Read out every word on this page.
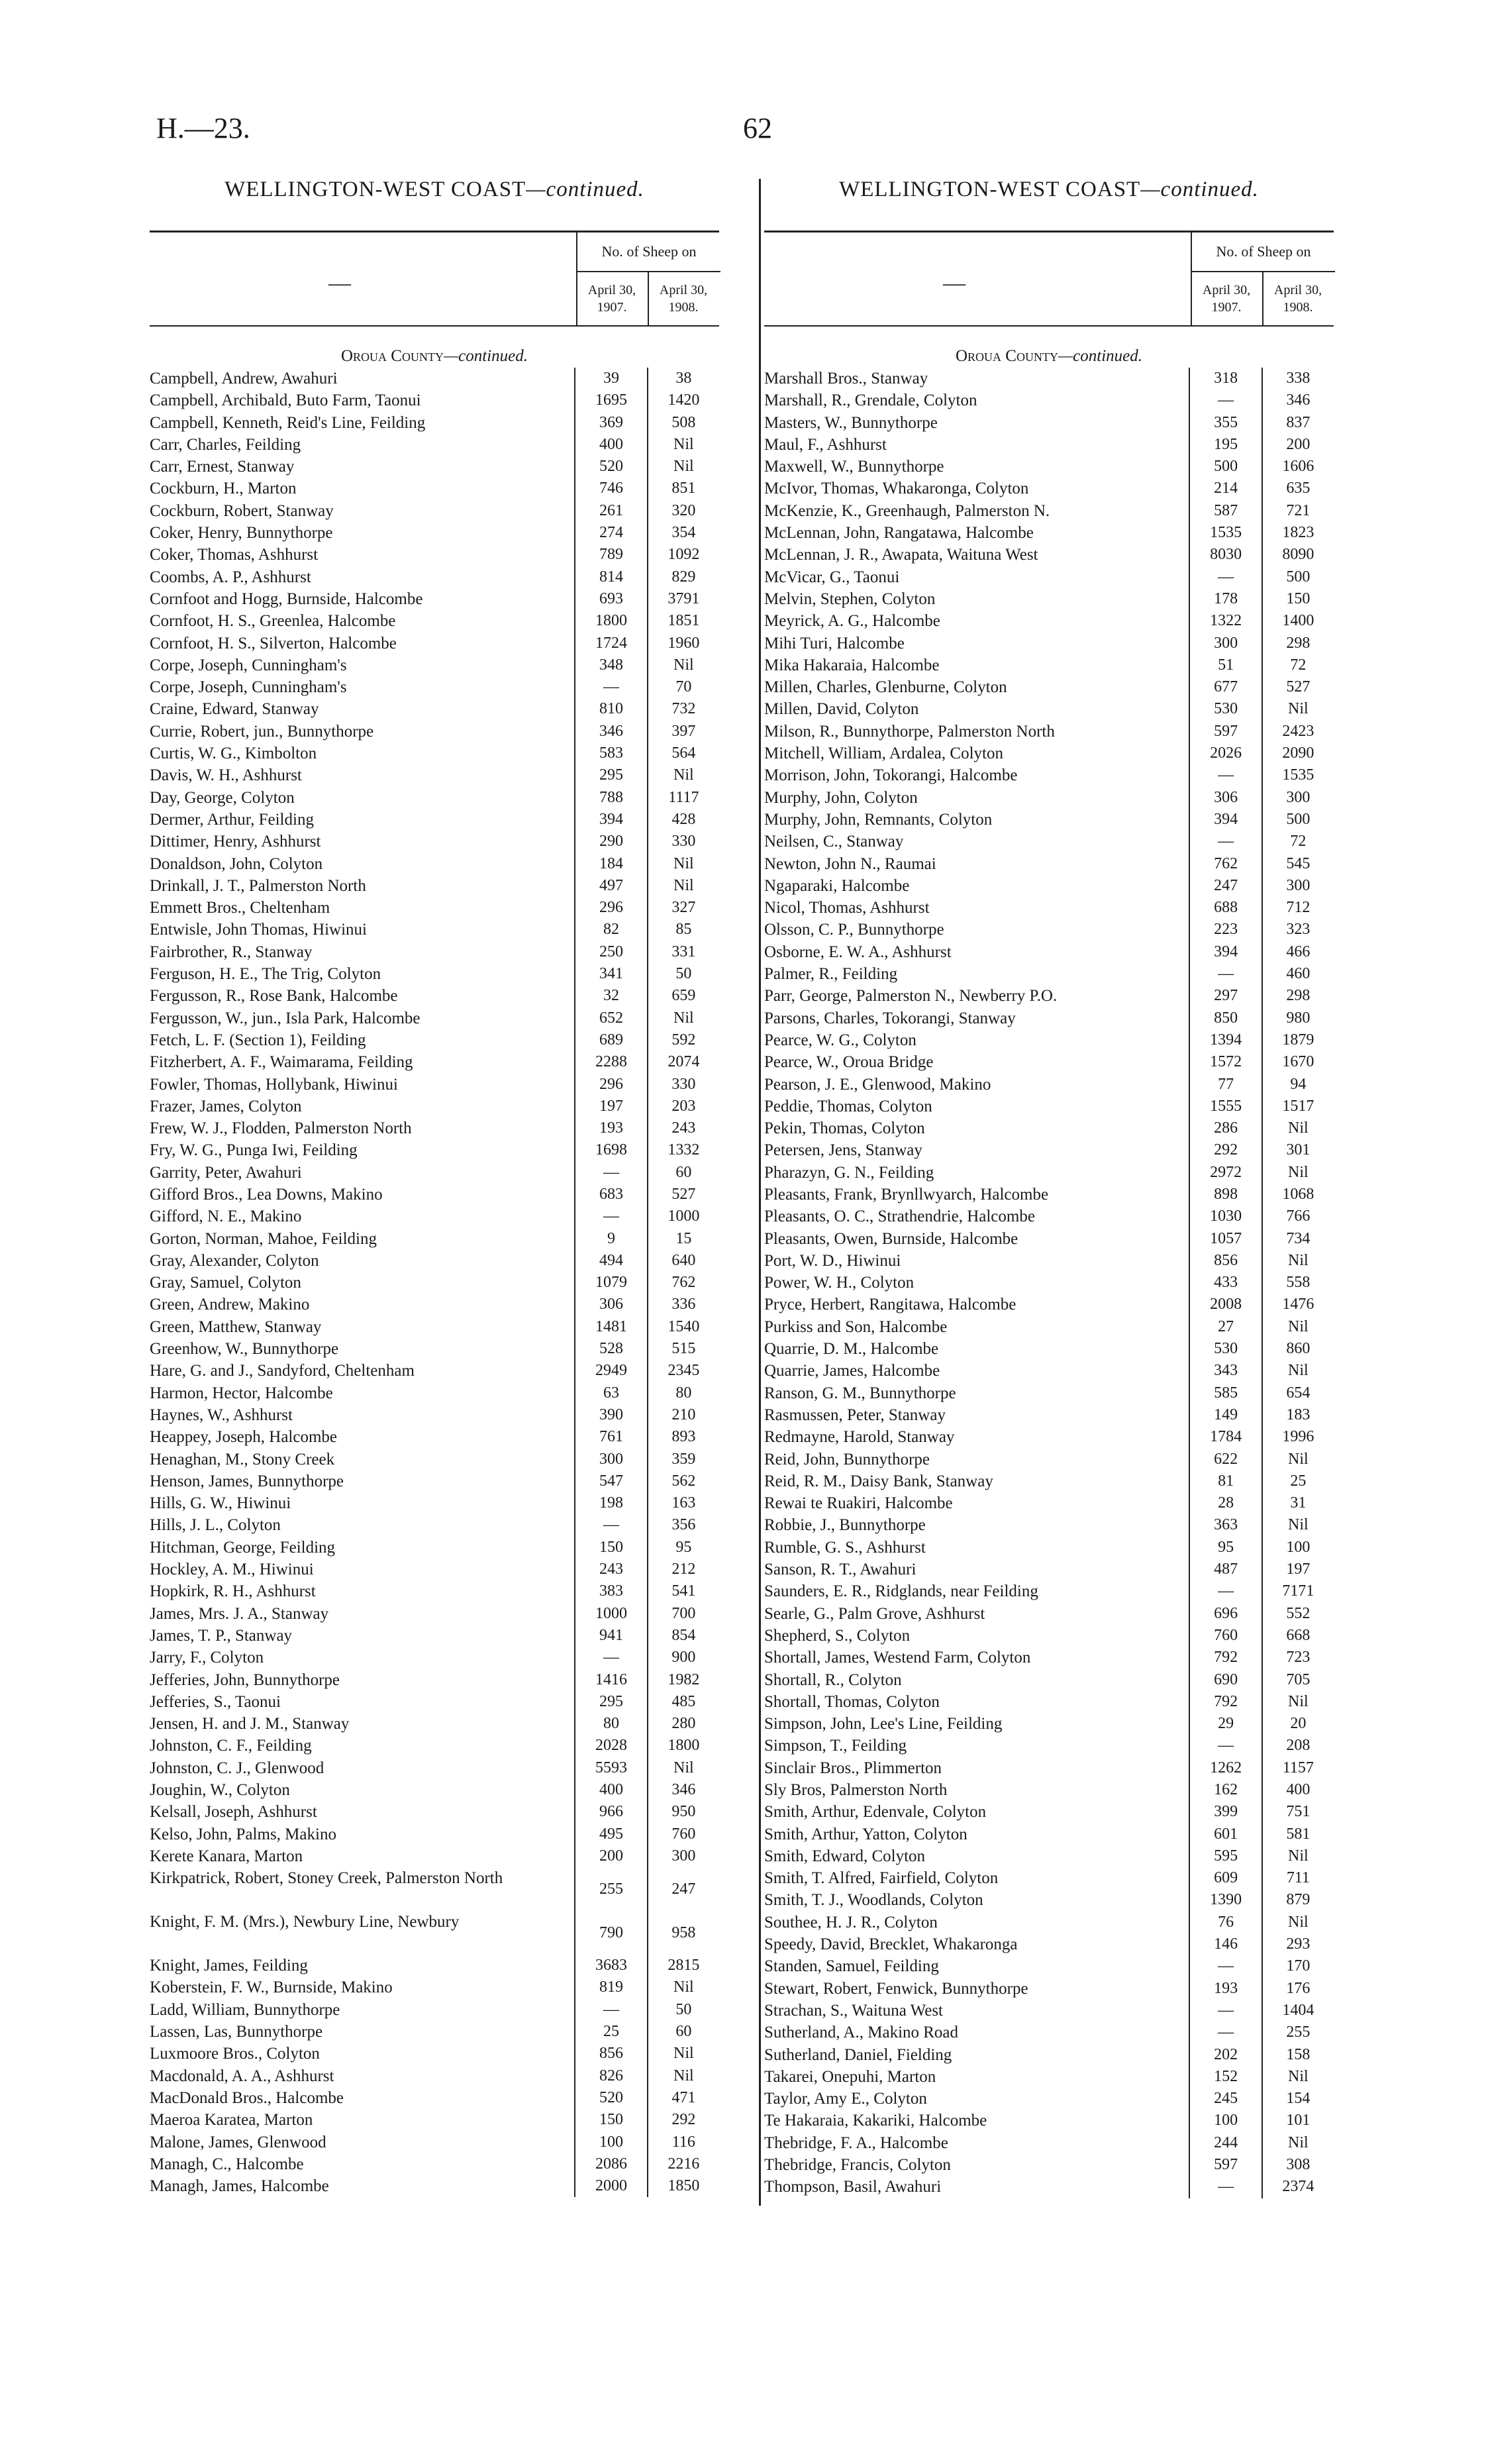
H.—23.	62
WELLINGTON-WEST COAST—continued.
—
No. of Sheep on
April 30, 1907.
April 30, 1908.
Oroua County—continued.
Campbell, Andrew, Awahuri	39	38
Campbell, Archibald, Buto Farm, Taonui	1695	1420
Campbell, Kenneth, Reid's Line, Feilding	369	508
Carr, Charles, Feilding	400	Nil
Carr, Ernest, Stanway	520	Nil
Cockburn, H., Marton	746	851
Cockburn, Robert, Stanway	261	320
Coker, Henry, Bunnythorpe	274	354
Coker, Thomas, Ashhurst	789	1092
Coombs, A. P., Ashhurst	814	829
Cornfoot and Hogg, Burnside, Halcombe	693	3791
Cornfoot, H. S., Greenlea, Halcombe	1800	1851
Cornfoot, H. S., Silverton, Halcombe	1724	1960
Corpe, Joseph, Cunningham's	348	Nil
Corpe, Joseph, Cunningham's	—	70
Craine, Edward, Stanway	810	732
Currie, Robert, jun., Bunnythorpe	346	397
Curtis, W. G., Kimbolton	583	564
Davis, W. H., Ashhurst	295	Nil
Day, George, Colyton	788	1117
Dermer, Arthur, Feilding	394	428
Dittimer, Henry, Ashhurst	290	330
Donaldson, John, Colyton	184	Nil
Drinkall, J. T., Palmerston North	497	Nil
Emmett Bros., Cheltenham	296	327
Entwisle, John Thomas, Hiwinui	82	85
Fairbrother, R., Stanway	250	331
Ferguson, H. E., The Trig, Colyton	341	50
Fergusson, R., Rose Bank, Halcombe	32	659
Fergusson, W., jun., Isla Park, Halcombe	652	Nil
Fetch, L. F. (Section 1), Feilding	689	592
Fitzherbert, A. F., Waimarama, Feilding	2288	2074
Fowler, Thomas, Hollybank, Hiwinui	296	330
Frazer, James, Colyton	197	203
Frew, W. J., Flodden, Palmerston North	193	243
Fry, W. G., Punga Iwi, Feilding	1698	1332
Garrity, Peter, Awahuri	—	60
Gifford Bros., Lea Downs, Makino	683	527
Gifford, N. E., Makino	—	1000
Gorton, Norman, Mahoe, Feilding	9	15
Gray, Alexander, Colyton	494	640
Gray, Samuel, Colyton	1079	762
Green, Andrew, Makino	306	336
Green, Matthew, Stanway	1481	1540
Greenhow, W., Bunnythorpe	528	515
Hare, G. and J., Sandyford, Cheltenham	2949	2345
Harmon, Hector, Halcombe	63	80
Haynes, W., Ashhurst	390	210
Heappey, Joseph, Halcombe	761	893
Henaghan, M., Stony Creek	300	359
Henson, James, Bunnythorpe	547	562
Hills, G. W., Hiwinui	198	163
Hills, J. L., Colyton	—	356
Hitchman, George, Feilding	150	95
Hockley, A. M., Hiwinui	243	212
Hopkirk, R. H., Ashhurst	383	541
James, Mrs. J. A., Stanway	1000	700
James, T. P., Stanway	941	854
Jarry, F., Colyton	—	900
Jefferies, John, Bunnythorpe	1416	1982
Jefferies, S., Taonui	295	485
Jensen, H. and J. M., Stanway	80	280
Johnston, C. F., Feilding	2028	1800
Johnston, C. J., Glenwood	5593	Nil
Joughin, W., Colyton	400	346
Kelsall, Joseph, Ashhurst	966	950
Kelso, John, Palms, Makino	495	760
Kerete Kanara, Marton	200	300
Kirkpatrick, Robert, Stoney Creek, Palmerston North	255	247
Knight, F. M. (Mrs.), Newbury Line, Newbury	790	958
Knight, James, Feilding	3683	2815
Koberstein, F. W., Burnside, Makino	819	Nil
Ladd, William, Bunnythorpe	—	50
Lassen, Las, Bunnythorpe	25	60
Luxmoore Bros., Colyton	856	Nil
Macdonald, A. A., Ashhurst	826	Nil
MacDonald Bros., Halcombe	520	471
Maeroa Karatea, Marton	150	292
Malone, James, Glenwood	100	116
Managh, C., Halcombe	2086	2216
Managh, James, Halcombe	2000	1850
WELLINGTON-WEST COAST—continued.
—
No. of Sheep on
April 30, 1907.
April 30, 1908.
Oroua County—continued.
Marshall Bros., Stanway	318	338
Marshall, R., Grendale, Colyton	—	346
Masters, W., Bunnythorpe	355	837
Maul, F., Ashhurst	195	200
Maxwell, W., Bunnythorpe	500	1606
McIvor, Thomas, Whakaronga, Colyton	214	635
McKenzie, K., Greenhaugh, Palmerston N.	587	721
McLennan, John, Rangatawa, Halcombe	1535	1823
McLennan, J. R., Awapata, Waituna West	8030	8090
McVicar, G., Taonui	—	500
Melvin, Stephen, Colyton	178	150
Meyrick, A. G., Halcombe	1322	1400
Mihi Turi, Halcombe	300	298
Mika Hakaraia, Halcombe	51	72
Millen, Charles, Glenburne, Colyton	677	527
Millen, David, Colyton	530	Nil
Milson, R., Bunnythorpe, Palmerston North	597	2423
Mitchell, William, Ardalea, Colyton	2026	2090
Morrison, John, Tokorangi, Halcombe	—	1535
Murphy, John, Colyton	306	300
Murphy, John, Remnants, Colyton	394	500
Neilsen, C., Stanway	—	72
Newton, John N., Raumai	762	545
Ngaparaki, Halcombe	247	300
Nicol, Thomas, Ashhurst	688	712
Olsson, C. P., Bunnythorpe	223	323
Osborne, E. W. A., Ashhurst	394	466
Palmer, R., Feilding	—	460
Parr, George, Palmerston N., Newberry P.O.	297	298
Parsons, Charles, Tokorangi, Stanway	850	980
Pearce, W. G., Colyton	1394	1879
Pearce, W., Oroua Bridge	1572	1670
Pearson, J. E., Glenwood, Makino	77	94
Peddie, Thomas, Colyton	1555	1517
Pekin, Thomas, Colyton	286	Nil
Petersen, Jens, Stanway	292	301
Pharazyn, G. N., Feilding	2972	Nil
Pleasants, Frank, Brynllwyarch, Halcombe	898	1068
Pleasants, O. C., Strathendrie, Halcombe	1030	766
Pleasants, Owen, Burnside, Halcombe	1057	734
Port, W. D., Hiwinui	856	Nil
Power, W. H., Colyton	433	558
Pryce, Herbert, Rangitawa, Halcombe	2008	1476
Purkiss and Son, Halcombe	27	Nil
Quarrie, D. M., Halcombe	530	860
Quarrie, James, Halcombe	343	Nil
Ranson, G. M., Bunnythorpe	585	654
Rasmussen, Peter, Stanway	149	183
Redmayne, Harold, Stanway	1784	1996
Reid, John, Bunnythorpe	622	Nil
Reid, R. M., Daisy Bank, Stanway	81	25
Rewai te Ruakiri, Halcombe	28	31
Robbie, J., Bunnythorpe	363	Nil
Rumble, G. S., Ashhurst	95	100
Sanson, R. T., Awahuri	487	197
Saunders, E. R., Ridglands, near Feilding	—	7171
Searle, G., Palm Grove, Ashhurst	696	552
Shepherd, S., Colyton	760	668
Shortall, James, Westend Farm, Colyton	792	723
Shortall, R., Colyton	690	705
Shortall, Thomas, Colyton	792	Nil
Simpson, John, Lee's Line, Feilding	29	20
Simpson, T., Feilding	—	208
Sinclair Bros., Plimmerton	1262	1157
Sly Bros, Palmerston North	162	400
Smith, Arthur, Edenvale, Colyton	399	751
Smith, Arthur, Yatton, Colyton	601	581
Smith, Edward, Colyton	595	Nil
Smith, T. Alfred, Fairfield, Colyton	609	711
Smith, T. J., Woodlands, Colyton	1390	879
Southee, H. J. R., Colyton	76	Nil
Speedy, David, Brecklet, Whakaronga	146	293
Standen, Samuel, Feilding	—	170
Stewart, Robert, Fenwick, Bunnythorpe	193	176
Strachan, S., Waituna West	—	1404
Sutherland, A., Makino Road	—	255
Sutherland, Daniel, Fielding	202	158
Takarei, Onepuhi, Marton	152	Nil
Taylor, Amy E., Colyton	245	154
Te Hakaraia, Kakariki, Halcombe	100	101
Thebridge, F. A., Halcombe	244	Nil
Thebridge, Francis, Colyton	597	308
Thompson, Basil, Awahuri	—	2374
